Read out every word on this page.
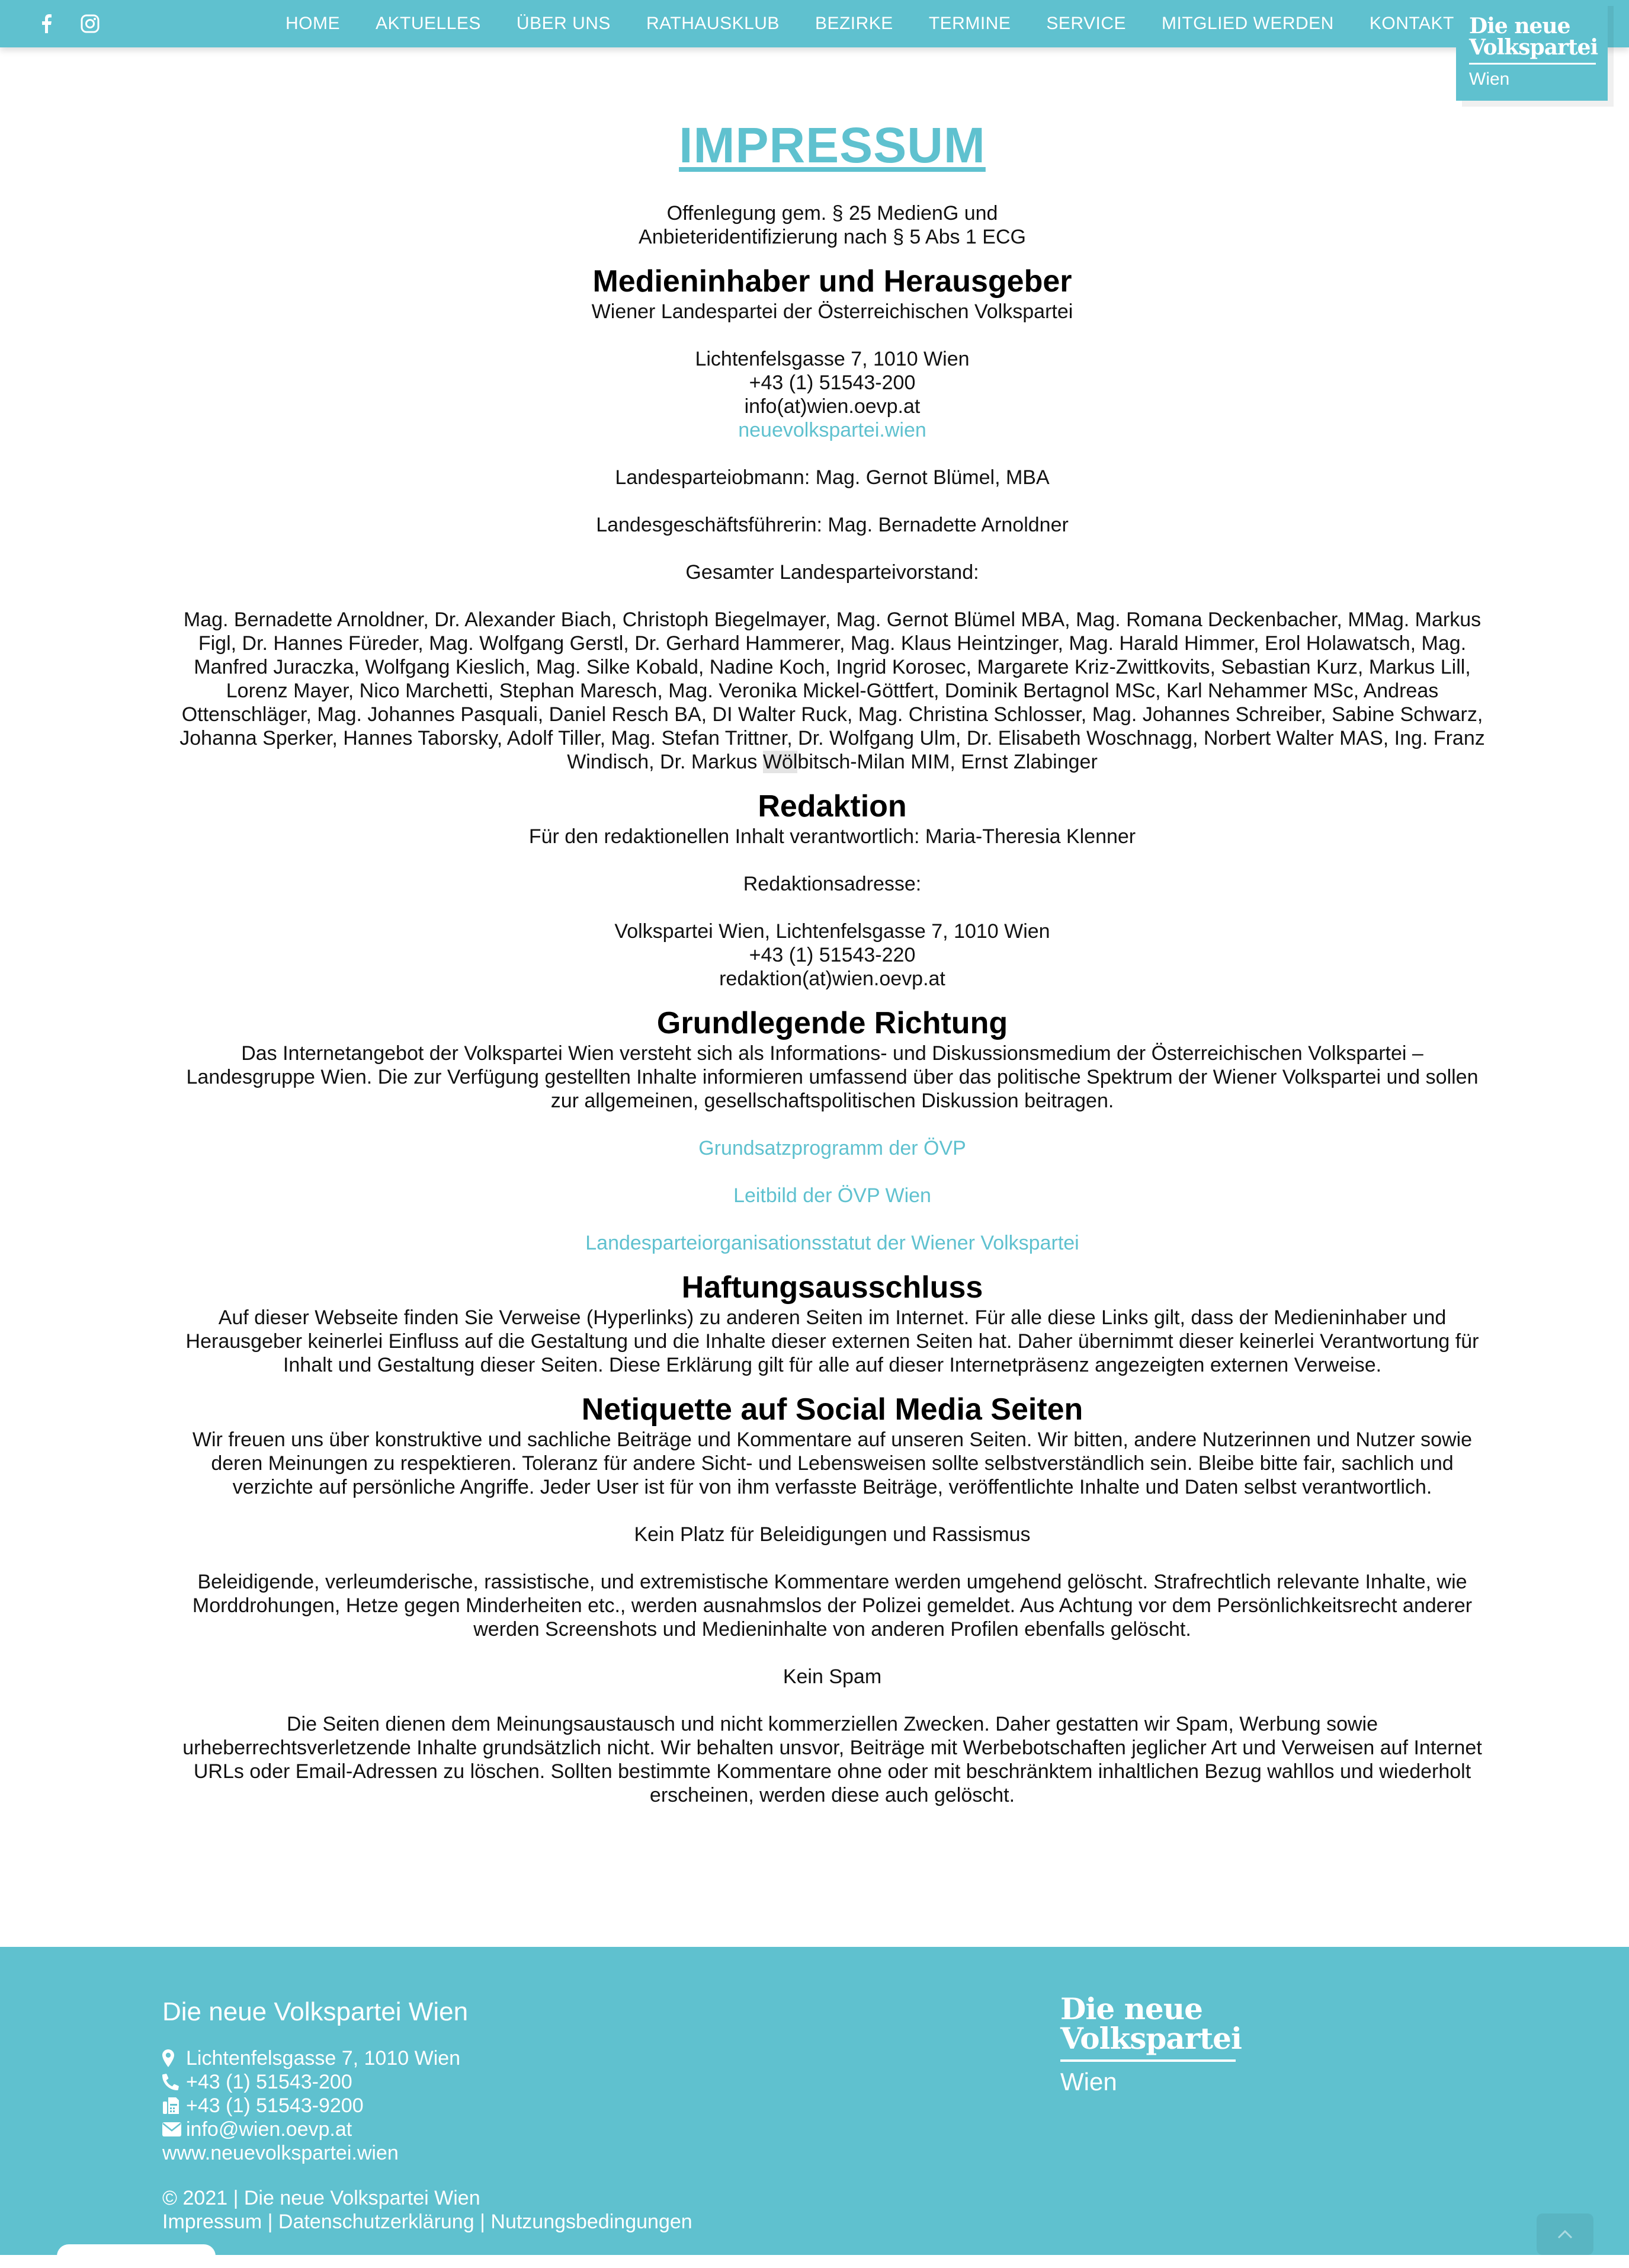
HOME AKTUELLES ÜBER UNS RATHAUSKLUB BEZIRKE TERMINE SERVICE MITGLIED WERDEN KONTAKT Die neue
Volkspartei
Wien
IMPRESSUM

Offenlegung gem. § 25 MedienG und

Anbieteridentifizierung nach § 5 Abs 1 ECG

Medieninhaber und Herausgeber

Wiener Landespartei der Österreichischen Volkspartei

Lichtenfelsgasse 7, 1010 Wien

+43 (1) 51543-200

info(at)wien.oevp.at

neuevolkspartei.wien

Landesparteiobmann: Mag. Gernot Blümel, MBA

Landesgeschäftsführerin: Mag. Bernadette Arnoldner

Gesamter Landesparteivorstand:

Mag. Bernadette Arnoldner, Dr. Alexander Biach, Christoph Biegelmayer, Mag. Gernot Blümel MBA, Mag. Romana Deckenbacher, MMag. Markus Figl, Dr. Hannes Füreder, Mag. Wolfgang Gerstl, Dr. Gerhard Hammerer, Mag. Klaus Heintzinger, Mag. Harald Himmer, Erol Holawatsch, Mag. Manfred Juraczka, Wolfgang Kieslich, Mag. Silke Kobald, Nadine Koch, Ingrid Korosec, Margarete Kriz-Zwittkovits, Sebastian Kurz, Markus Lill, Lorenz Mayer, Nico Marchetti, Stephan Maresch, Mag. Veronika Mickel-Göttfert, Dominik Bertagnol MSc, Karl Nehammer MSc, Andreas Ottenschläger, Mag. Johannes Pasquali, Daniel Resch BA, DI Walter Ruck, Mag. Christina Schlosser, Mag. Johannes Schreiber, Sabine Schwarz, Johanna Sperker, Hannes Taborsky, Adolf Tiller, Mag. Stefan Trittner, Dr. Wolfgang Ulm, Dr. Elisabeth Woschnagg, Norbert Walter MAS, Ing. Franz Windisch, Dr. Markus Wölbitsch-Milan MIM, Ernst Zlabinger

Redaktion

Für den redaktionellen Inhalt verantwortlich: Maria-Theresia Klenner

Redaktionsadresse:

Volkspartei Wien, Lichtenfelsgasse 7, 1010 Wien

+43 (1) 51543-220

redaktion(at)wien.oevp.at

Grundlegende Richtung

Das Internetangebot der Volkspartei Wien versteht sich als Informations- und Diskussionsmedium der Österreichischen Volkspartei – Landesgruppe Wien. Die zur Verfügung gestellten Inhalte informieren umfassend über das politische Spektrum der Wiener Volkspartei und sollen zur allgemeinen, gesellschaftspolitischen Diskussion beitragen.

Grundsatzprogramm der ÖVP

Leitbild der ÖVP Wien

Landesparteiorganisationsstatut der Wiener Volkspartei

Haftungsausschluss

Auf dieser Webseite finden Sie Verweise (Hyperlinks) zu anderen Seiten im Internet. Für alle diese Links gilt, dass der Medieninhaber und Herausgeber keinerlei Einfluss auf die Gestaltung und die Inhalte dieser externen Seiten hat. Daher übernimmt dieser keinerlei Verantwortung für Inhalt und Gestaltung dieser Seiten. Diese Erklärung gilt für alle auf dieser Internetpräsenz angezeigten externen Verweise.

Netiquette auf Social Media Seiten

Wir freuen uns über konstruktive und sachliche Beiträge und Kommentare auf unseren Seiten. Wir bitten, andere Nutzerinnen und Nutzer sowie deren Meinungen zu respektieren. Toleranz für andere Sicht- und Lebensweisen sollte selbstverständlich sein. Bleibe bitte fair, sachlich und verzichte auf persönliche Angriffe. Jeder User ist für von ihm verfasste Beiträge, veröffentlichte Inhalte und Daten selbst verantwortlich.

Kein Platz für Beleidigungen und Rassismus

Beleidigende, verleumderische, rassistische, und extremistische Kommentare werden umgehend gelöscht. Strafrechtlich relevante Inhalte, wie Morddrohungen, Hetze gegen Minderheiten etc., werden ausnahmslos der Polizei gemeldet. Aus Achtung vor dem Persönlichkeitsrecht anderer werden Screenshots und Medieninhalte von anderen Profilen ebenfalls gelöscht.

Kein Spam

Die Seiten dienen dem Meinungsaustausch und nicht kommerziellen Zwecken. Daher gestatten wir Spam, Werbung sowie urheberrechtsverletzende Inhalte grundsätzlich nicht. Wir behalten unsvor, Beiträge mit Werbebotschaften jeglicher Art und Verweisen auf Internet URLs oder Email-Adressen zu löschen. Sollten bestimmte Kommentare ohne oder mit beschränktem inhaltlichen Bezug wahllos und wiederholt erscheinen, werden diese auch gelöscht.

Die neue Volkspartei Wien
Lichtenfelsgasse 7, 1010 Wien
+43 (1) 51543-200
+43 (1) 51543-9200
info@wien.oevp.at
www.neuevolkspartei.wien
© 2021 | Die neue Volkspartei Wien
Impressum | Datenschutzerklärung | Nutzungsbedingungen
Die neue
Volkspartei
Wien
